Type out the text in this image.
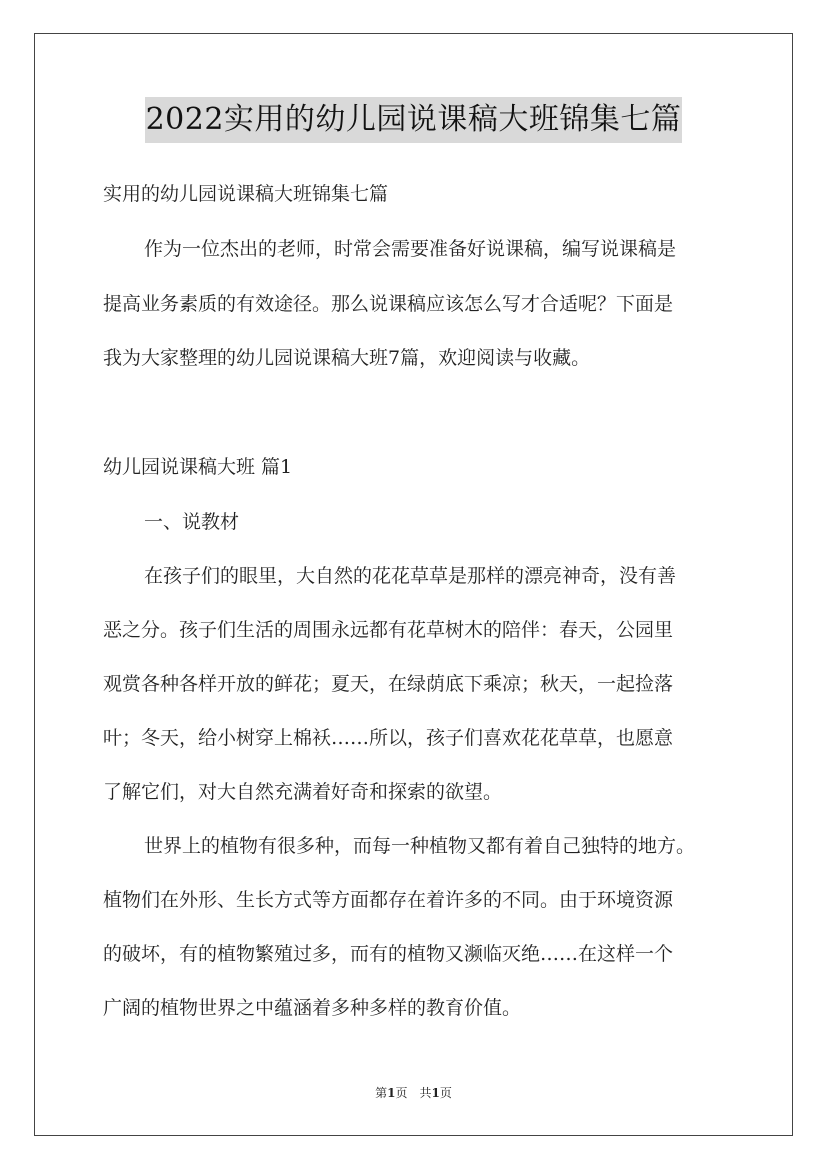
2022实用的幼儿园说课稿大班锦集七篇
实用的幼儿园说课稿大班锦集七篇
作为一位杰出的老师，时常会需要准备好说课稿，编写说课稿是
提高业务素质的有效途径。那么说课稿应该怎么写才合适呢？下面是
我为大家整理的幼儿园说课稿大班7篇，欢迎阅读与收藏。
幼儿园说课稿大班 篇1
一、说教材
在孩子们的眼里，大自然的花花草草是那样的漂亮神奇，没有善
恶之分。孩子们生活的周围永远都有花草树木的陪伴：春天，公园里
观赏各种各样开放的鲜花；夏天，在绿荫底下乘凉；秋天，一起捡落
叶；冬天，给小树穿上棉袄……所以，孩子们喜欢花花草草，也愿意
了解它们，对大自然充满着好奇和探索的欲望。
世界上的植物有很多种，而每一种植物又都有着自己独特的地方。
植物们在外形、生长方式等方面都存在着许多的不同。由于环境资源
的破坏，有的植物繁殖过多，而有的植物又濒临灭绝……在这样一个
广阔的植物世界之中蕴涵着多种多样的教育价值。
第1页 共1页
